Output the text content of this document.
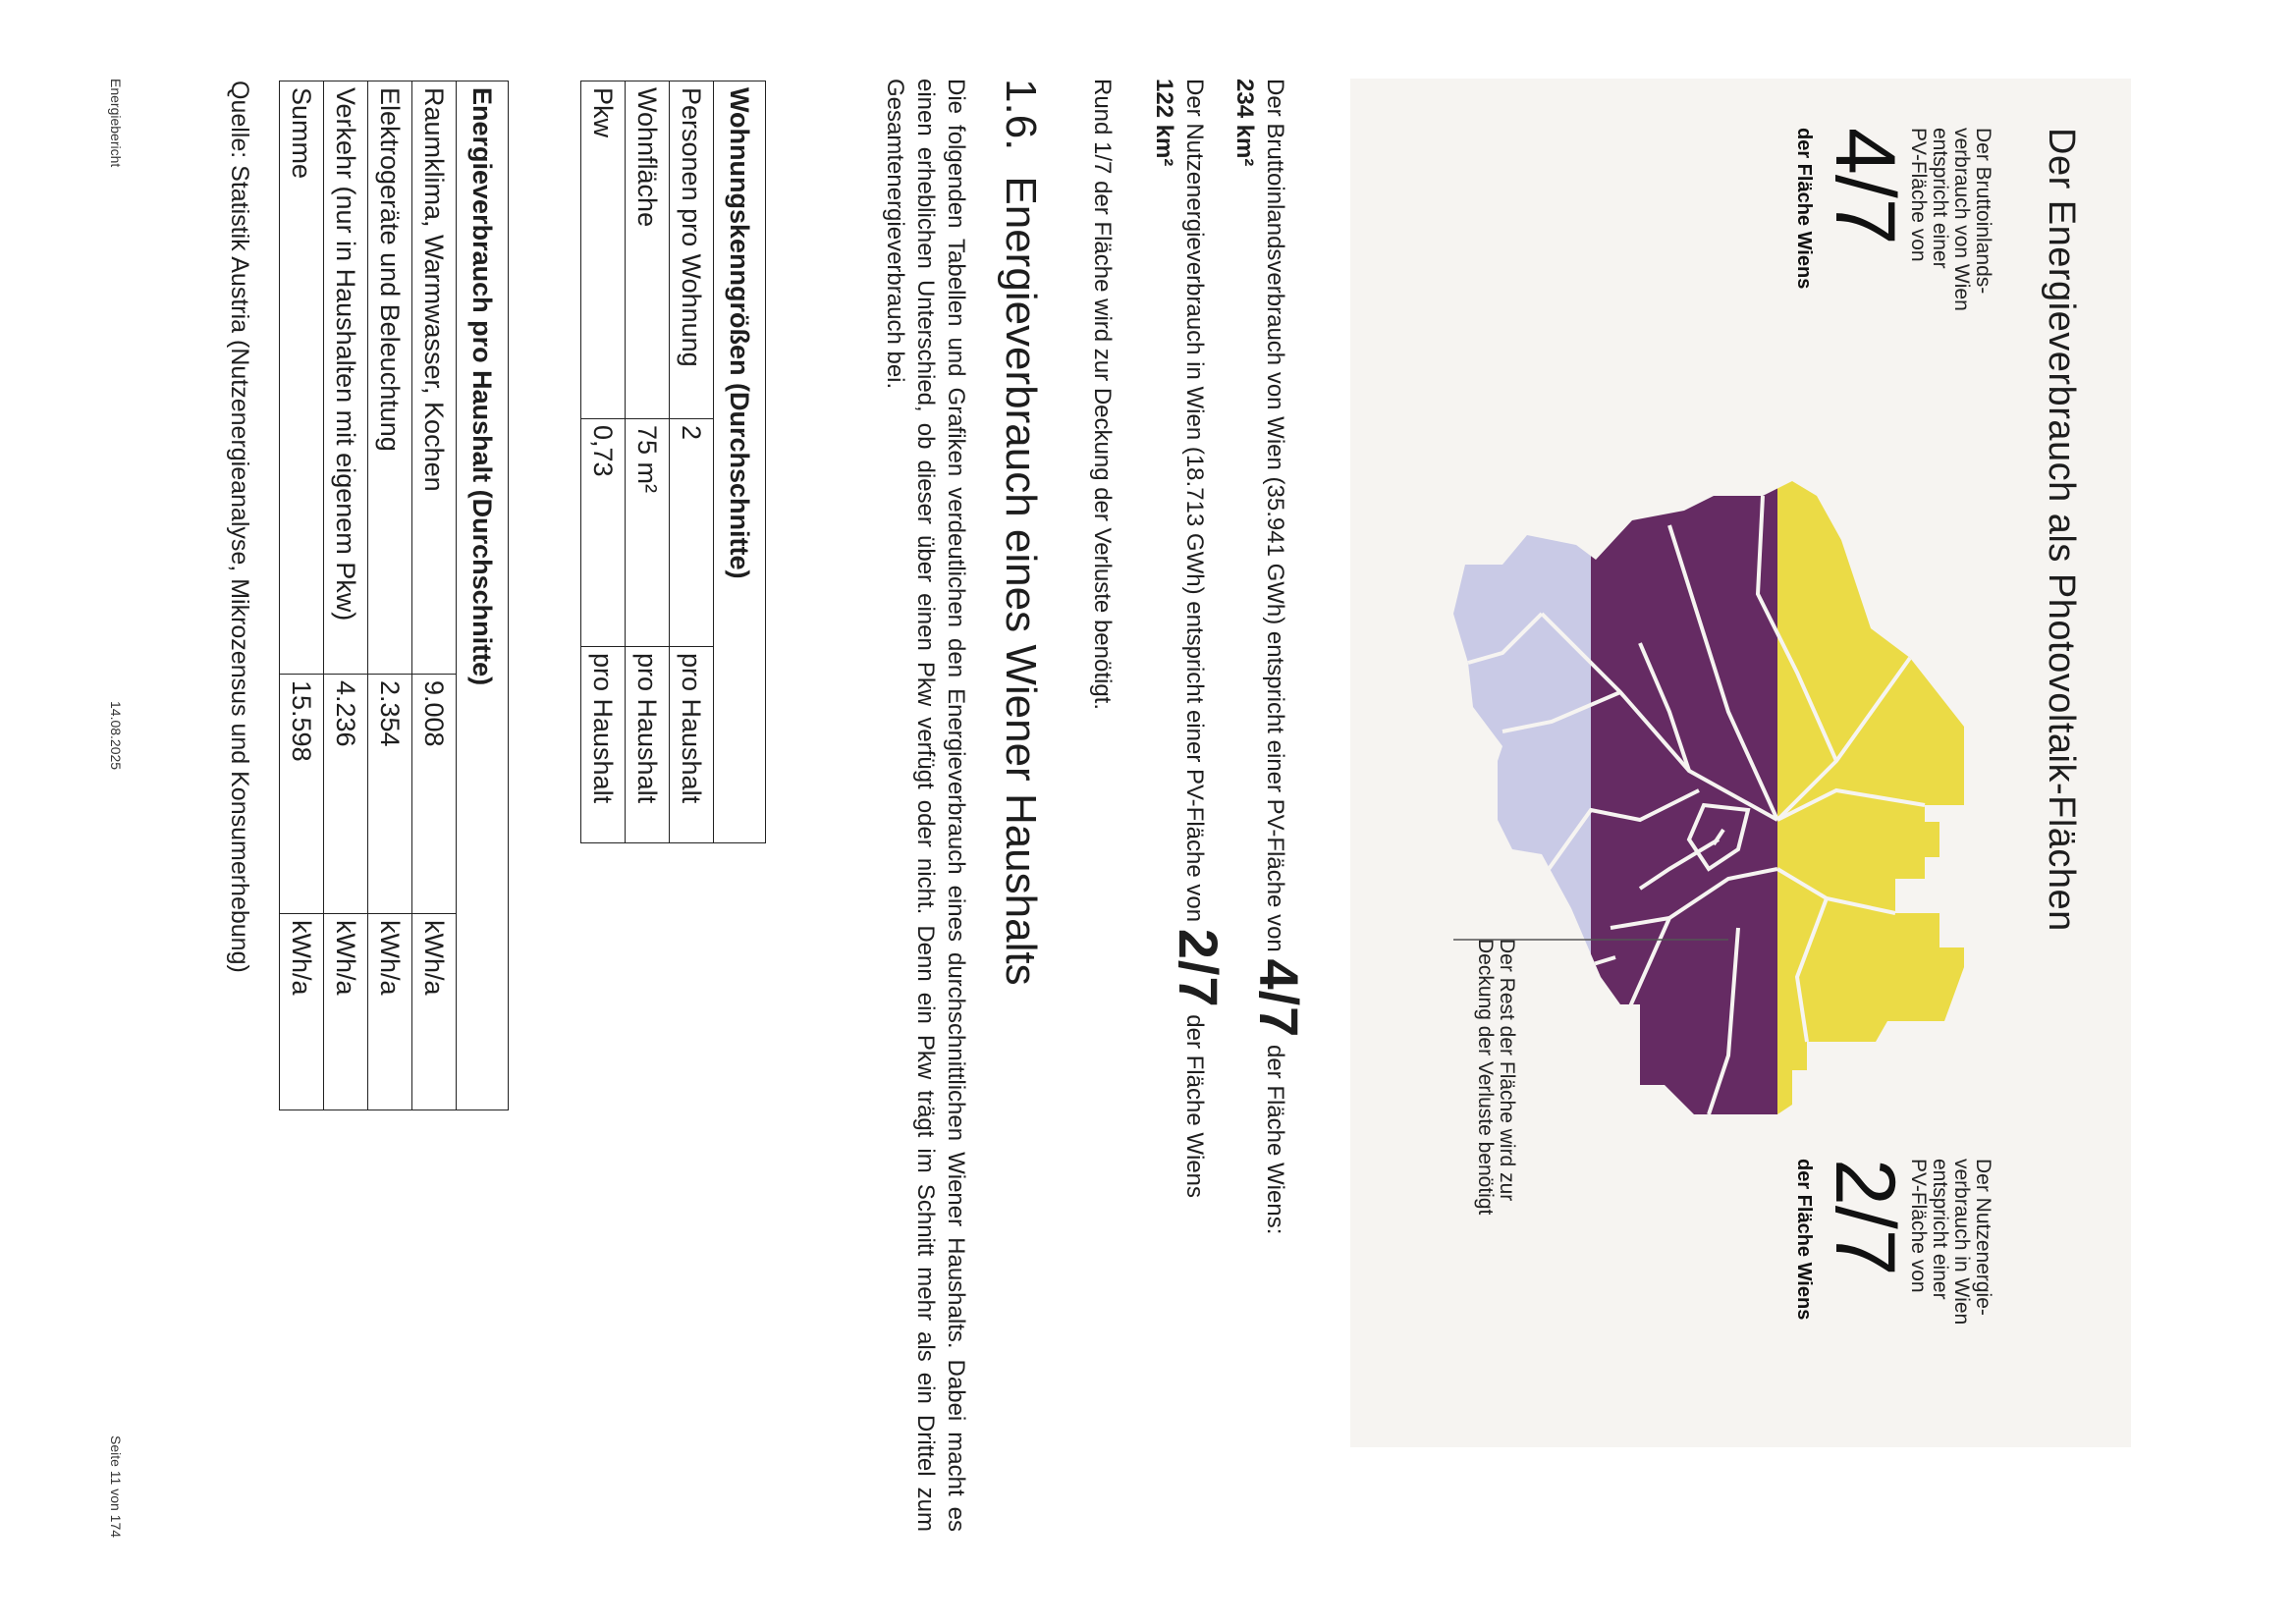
Der Energieverbrauch als Photovoltaik-Flächen
Der Bruttoinlands-
verbrauch von Wien
entspricht einer
PV-Fläche von
4/7
der Fläche Wiens
Der Nutzenergie-
verbrauch in Wien
entspricht einer
PV-Fläche von
2/7
der Fläche Wiens
Der Rest der Fläche wird zur
Deckung der Verluste benötigt
Der Bruttoinlandsverbrauch von Wien (35.941 GWh) entspricht einer PV-Fläche von 4/7 der Fläche Wiens:
234 km²
Der Nutzenergieverbrauch in Wien (18.713 GWh) entspricht einer PV-Fläche von 2/7 der Fläche Wiens
122 km²
Rund 1/7 der Fläche wird zur Deckung der Verluste benötigt.
1.6.Energieverbrauch eines Wiener Haushalts
Die folgenden Tabellen und Grafiken verdeutlichen den Energieverbrauch eines durchschnittlichen Wiener Haushalts. Dabei macht es einen erheblichen Unterschied, ob dieser über einen Pkw verfügt oder nicht. Denn ein Pkw trägt im Schnitt mehr als ein Drittel zum Gesamtenergieverbrauch bei.
Wohnungskenngrößen (Durchschnitte)		
Personen pro Wohnung	2	pro Haushalt
Wohnfläche	75 m²	pro Haushalt
Pkw	0,73	pro Haushalt
Energieverbrauch pro Haushalt (Durchschnitte)		
Raumklima, Warmwasser, Kochen	9.008	kWh/a
Elektrogeräte und Beleuchtung	2.354	kWh/a
Verkehr (nur in Haushalten mit eigenem Pkw)	4.236	kWh/a
Summe	15.598	kWh/a
Quelle: Statistik Austria (Nutzenergieanalyse, Mikrozensus und Konsumerhebung)
Energiebericht
14.08.2025
Seite 11 von 174
